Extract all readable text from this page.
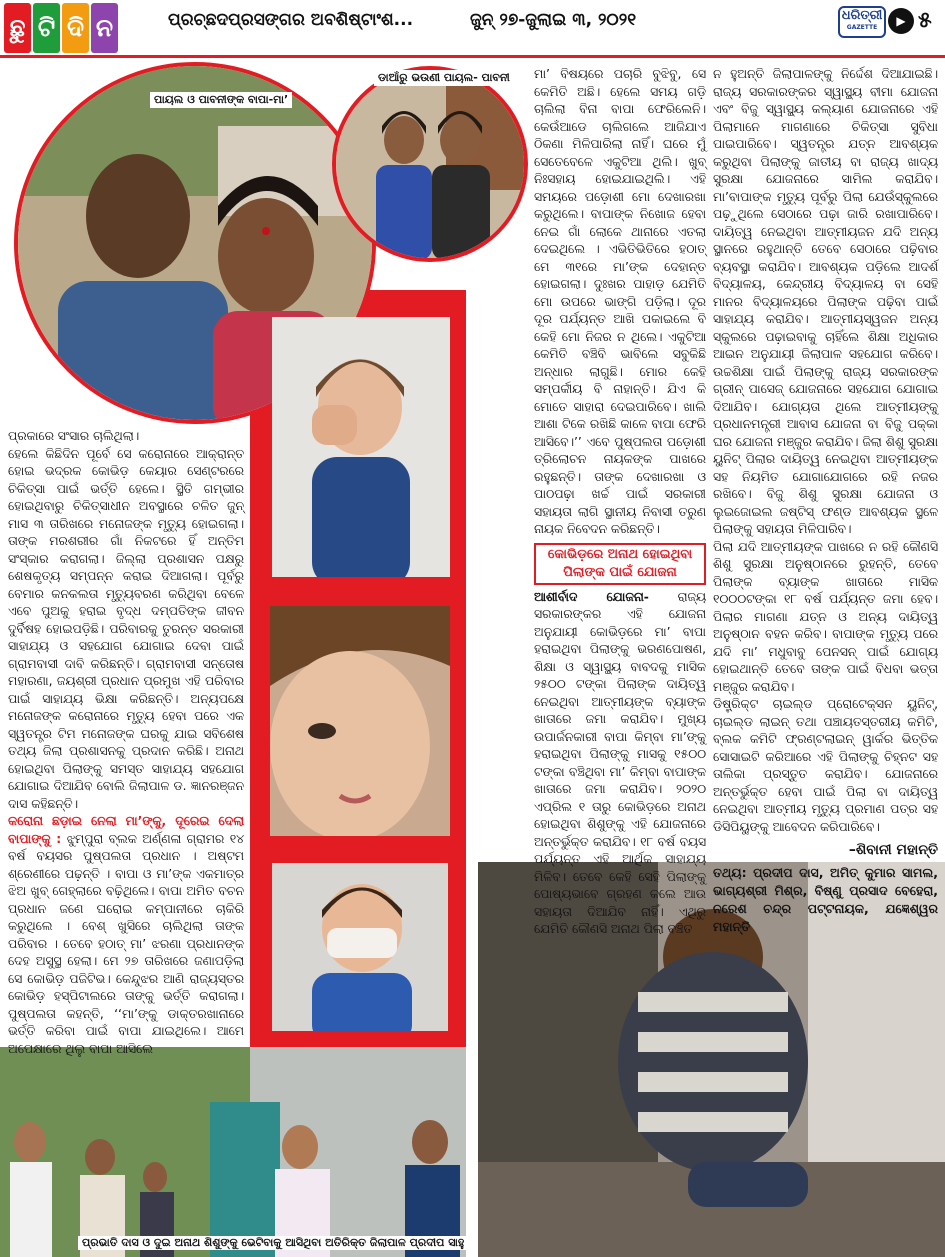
ଛୁ ଟି ଦି ନ	ପ୍ରଚ୍ଛଦପ୍ରସଙ୍ଗର ଅବଶିଷ୍ଟାଂଶ...	ଜୁନ୍ ୨୭-ଜୁଲାଇ ୩, ୨୦୨୧	ଧରିତ୍ରୀ
GAZETTE	▶ ୫
ପାୟଲ ଓ ପାବନୀଙ୍କ ବାପା-ମା’
ଡାଆଁରୁ ଭଉଣୀ ପାୟଲ- ପାବନୀ
ପ୍ରଭାତି ଦାସ ଓ ଦୁଇ ଅନାଥ ଶିଶୁଙ୍କୁ ଭେଟିବାକୁ ଆସିଥିବା ଅତିରିକ୍ତ ଜିଲାପାଳ ପ୍ରଦୀପ ସାହୁ

ପ୍ରକାରେ ସଂସାର ଚାଲିଥିଲା।

ହେଲେ କିଛିଦିନ ପୂର୍ବେ ସେ କରୋନାରେ ଆକ୍ରାନ୍ତ ହୋଇ ଭଦ୍ରକ କୋଭିଡ଼ କେୟାର ସେଣ୍ଟରରେ ଚିକିତ୍ସା ପାଇଁ ଭର୍ତ୍ତି ହେଲେ। ସ୍ଥିତି ଗମ୍ଭୀର ହୋଇଥିବାରୁ ଚିକିତ୍ସାଧୀନ ଅବସ୍ଥାରେ ଚଳିତ ଜୁନ୍ ମାସ ୩ ତାରିଖରେ ମନୋଜଙ୍କ ମୃତ୍ୟୁ ହୋଇଗଲା। ତାଙ୍କ ମରଶରୀର ଗାଁ ନିକଟରେ ହିଁ ଅନ୍ତିମ ସଂସ୍କାର କରାଗଲା। ଜିଲ୍ଲା ପ୍ରଶାସନ ପକ୍ଷରୁ ଶେଷକୃତ୍ୟ ସମ୍ପନ୍ନ କରାଇ ଦିଆଗଲା। ପୂର୍ବରୁ ବେମାର କନକଲତା ମୃତ୍ୟୁବରଣ କରିଥିବା ବେଳେ ଏବେ ପୁଅକୁ ହରାଇ ବୃଦ୍ଧ ଦମ୍ପତିଙ୍କ ଜୀବନ ଦୁର୍ବିଷହ ହୋଇପଡ଼ିଛି। ପରିବାରକୁ ତୁରନ୍ତ ସରକାରୀ ସାହାଯ୍ୟ ଓ ସହଯୋଗ ଯୋଗାଇ ଦେବା ପାଇଁ ଗ୍ରାମବାସୀ ଦାବି କରିଛନ୍ତି। ଗ୍ରାମବାସୀ ସନ୍ତୋଷ ମହାରଣା, ଜୟଶ୍ରୀ ପ୍ରଧାନ ପ୍ରମୁଖ ଏହି ପରିବାର ପାଇଁ ସାହାଯ୍ୟ ଭିକ୍ଷା କରିଛନ୍ତି। ଅନ୍ୟପକ୍ଷେ ମନୋଜଙ୍କ କରୋନାରେ ମୃତ୍ୟୁ ହେବା ପରେ ଏକ ସ୍ୱତନ୍ତ୍ର ଟିମ ମନୋଜଙ୍କ ଘରକୁ ଯାଇ ସବିଶେଷ ତଥ୍ୟ ଜିଲା ପ୍ରଶାସନକୁ ପ୍ରଦାନ କରିଛି। ଅନାଥ ହୋଇଥିବା ପିଲାଙ୍କୁ ସମସ୍ତ ସାହାଯ୍ୟ ସହଯୋଗ ଯୋଗାଇ ଦିଆଯିବ ବୋଲି ଜିଲାପାଳ ଡ. ଜ୍ଞାନରଞ୍ଜନ ଦାସ କହିଛନ୍ତି।

କରୋନା ଛଡ଼ାଇ ନେଲା ମା’ଙ୍କୁ, ଦୂରେଇ ଦେଲା ବାପାଙ୍କୁ : ଝୁମ୍ପୁରା ବ୍ଲକ ଅର୍ଣ୍ଣଳା ଗ୍ରାମର ୧୪ ବର୍ଷ ବୟସର ପୁଷ୍ପଲତା ପ୍ରଧାନ । ଅଷ୍ଟମ ଶ୍ରେଣୀରେ ପଢ଼ନ୍ତି । ବାପା ଓ ମା’ଙ୍କ ଏକମାତ୍ର ଝିଅ ଖୁବ୍ ଗେହ୍ଲାରେ ବଢ଼ିଥିଲେ। ବାପା ଅମିତ ବଚନ ପ୍ରଧାନ ଜଣେ ଘରୋଇ କମ୍ପାନୀରେ ଚାକିରି କରୁଥିଲେ । ବେଶ୍ ଖୁସିରେ ଚାଲିଥିଲା ତାଙ୍କ ପରିବାର । ତେବେ ହଠାତ୍ ମା’ ଝରଣା ପ୍ରଧାନଙ୍କ ଦେହ ଅସୁସ୍ଥ ହେଲା। ମେ ୨୭ ତାରିଖରେ ଜଣାପଡ଼ିଲା ସେ କୋଭିଡ଼ ପଜିଟିଭ। କେନ୍ଦୁଝର ଆଣି ରାଜ୍ୟସ୍ତର କୋଭିଡ଼ ହସ୍ପିଟାଲରେ ତାଙ୍କୁ ଭର୍ତ୍ତି କରାଗଲା। ପୁଷ୍ପଲତା କହନ୍ତି, ‘‘ମା’ଙ୍କୁ ଡାକ୍ତରଖାନାରେ ଭର୍ତ୍ତି କରିବା ପାଇଁ ବାପା ଯାଇଥିଲେ। ଆମେ ଅପେକ୍ଷାରେ ଥିଲୁ ବାପା ଆସିଲେ

ମା’ ବିଷୟରେ ପଚାରି ବୁଝିବୁ, ସେ କେମିତି ଅଛି। ହେଲେ ସମୟ ଗଡ଼ି ଚାଲିଲା ବିନା ବାପା ଫେରିଲେନି। କେଉଁଆଡେ ଚାଲିଗଲେ ଆଜିଯାଏ ଠିକଣା ମିଳିପାରିଲା ନାହିଁ। ଘରେ ମୁଁ ସେତେବେଳେ ଏକୁଟିଆ ଥିଲି। ଖୁବ୍ ନିଃସହାୟ ହୋଇଯାଇଥିଲି। ଏହି ସମୟରେ ପଡ଼ୋଶୀ ମୋ ଦେଖାରଖା କରୁଥିଲେ। ବାପାଙ୍କ ନିଖୋଜ ହେବା ନେଇ ଗାଁ ଲୋକେ ଥାନାରେ ଏତଲା ଦେଇଥିଲେ । ଏଭିତିଭିତିରେ ହଠାତ୍ ମେ ୩୧ରେ ମା’ଙ୍କ ଦେହାନ୍ତ ହୋଇଗଲା। ଦୁଃଖର ପାହାଡ଼ ଯେମିତି ମୋ ଉପରେ ଭାଙ୍ଗି ପଡ଼ିଲା। ଦୂର ଦୂର ପର୍ଯ୍ୟନ୍ତ ଆଖି ପକାଇଲେ ବି କେହି ମୋ ନିଜର ନ ଥିଲେ। ଏକୁଟିଆ କେମିତି ବଞ୍ଚିବି ଭାବିଲେ ସବୁକିଛି ଅନ୍ଧାର ଲାଗୁଛି। ମୋର କେହି ସମ୍ପର୍କୀୟ ବି ନାହାନ୍ତି। ଯିଏ କି ମୋତେ ସାହାରା ଦେଇପାରିବେ। ଖାଲି ଆଶା ଟିକେ ରଖିଛି କାଳେ ବାପା ଫେରି ଆସିବେ।’’ ଏବେ ପୁଷ୍ପଲତା ପଡ଼ୋଶୀ ତ୍ରିଲୋଚନ ନାୟକଙ୍କ ପାଖରେ ରହୁଛନ୍ତି। ତାଙ୍କ ଦେଖାରଖା ଓ ପାଠପଢ଼ା ଖର୍ଚ୍ଚ ପାଇଁ ସରକାରୀ ସହାୟତା ଲାଗି ସ୍ଥାନୀୟ ନିବାସୀ ତରୁଣ ନାୟକ ନିବେଦନ କରିଛନ୍ତି।

କୋଭିଡ଼ରେ ଅନାଥ ହୋଇଥିବା ପିଲାଙ୍କ ପାଇଁ ଯୋଜନା

ଆଶୀର୍ବାଦ ଯୋଜନା- ରାଜ୍ୟ ସରକାରଙ୍କର ଏହି ଯୋଜନା ଅନୁଯାୟୀ କୋଭିଡ଼ରେ ମା’ ବାପା ହରାଇଥିବା ପିଲାଙ୍କୁ ଭରଣପୋଷଣ, ଶିକ୍ଷା ଓ ସ୍ୱାସ୍ଥ୍ୟ ବାବଦକୁ ମାସିକ ୨୫୦୦ ଟଙ୍କା ପିଲାଙ୍କ ଦାୟିତ୍ୱ ନେଇଥିବା ଆତ୍ମୀୟଙ୍କ ବ୍ୟାଙ୍କ ଖାତାରେ ଜମା କରାଯିବ। ମୁଖ୍ୟ ଉପାର୍ଜନକାରୀ ବାପା କିମ୍ବା ମା’ଙ୍କୁ ହରାଇଥିବା ପିଲାଙ୍କୁ ମାସକୁ ୧୫୦୦ ଟଙ୍କା ବଞ୍ଚିଥିବା ମା’ କିମ୍ବା ବାପାଙ୍କ ଖାତାରେ ଜମା କରାଯିବ। ୨୦୨୦ ଏପ୍ରିଲ ୧ ତାରୁ କୋଭିଡ଼ରେ ଅନାଥ ହୋଇଥିବା ଶିଶୁଙ୍କୁ ଏହି ଯୋଜନାରେ ଅନ୍ତର୍ଭୁକ୍ତ କରାଯିବ। ୧୮ ବର୍ଷ ବୟସ ପର୍ଯ୍ୟନ୍ତ ଏହି ଆର୍ଥିକ ସାହାଯ୍ୟ ମିଳିବ। ତେବେ କେହି ସେହି ପିଲାଙ୍କୁ ପୋଷ୍ୟଭାବେ ଗ୍ରହଣ କଲେ ଆଉ ସହାୟତା ଦିଆଯିବ ନାହିଁ। ଏଥିରୁ ଯେମିତି କୌଣସି ଅନାଥ ପିଲା ବଞ୍ଚିତ

ନ ହୁଅନ୍ତି ଜିଲାପାଳଙ୍କୁ ନିର୍ଦ୍ଦେଶ ଦିଆଯାଇଛି। ରାଜ୍ୟ ସରକାରଙ୍କର ସ୍ୱାସ୍ଥ୍ୟ ବୀମା ଯୋଜନା ଏବଂ ବିଜୁ ସ୍ୱାସ୍ଥ୍ୟ କଲ୍ୟାଣ ଯୋଜନାରେ ଏହି ପିଲାମାନେ ମାଗଣାରେ ଚିକିତ୍ସା ସୁବିଧା ପାଇପାରିବେ। ସ୍ୱତନ୍ତ୍ର ଯତ୍ନ ଆବଶ୍ୟକ କରୁଥିବା ପିଲାଙ୍କୁ ଜାତୀୟ ବା ରାଜ୍ୟ ଖାଦ୍ୟ ସୁରକ୍ଷା ଯୋଜନାରେ ସାମିଲ କରାଯିବ। ମା’ବାପାଙ୍କ ମୃତ୍ୟୁ ପୂର୍ବରୁ ପିଲା ଯେଉଁସ୍କୁଲରେ ପଢ଼ୁଥିଲେ ସେଠାରେ ପଢ଼ା ଜାରି ରଖାପାରିବେ। ଦାୟିତ୍ୱ ନେଇଥିବା ଆତ୍ମୀୟଜନ ଯଦି ଅନ୍ୟ ସ୍ଥାନରେ ରହୁଥାନ୍ତି ତେବେ ସେଠାରେ ପଢ଼ିବାର ବ୍ୟବସ୍ଥା କରାଯିବ। ଆବଶ୍ୟକ ପଡ଼ିଲେ ଆଦର୍ଶ ବିଦ୍ୟାଳୟ, କେନ୍ଦ୍ରୀୟ ବିଦ୍ୟାଳୟ ବା ସେହି ମାନର ବିଦ୍ୟାଳୟରେ ପିଲାଙ୍କ ପଢ଼ିବା ପାଇଁ ସାହାଯ୍ୟ କରାଯିବ। ଆତ୍ମୀୟସ୍ୱଜନ ଅନ୍ୟ ସ୍କୁଲରେ ପଢ଼ାଇବାକୁ ଚାହିଁଲେ ଶିକ୍ଷା ଅଧିକାର ଆଇନ ଅନୁଯାୟୀ ଜିଲାପାଳ ସହଯୋଗ କରିବେ। ଉଚ୍ଚଶିକ୍ଷା ପାଇଁ ପିଲାଙ୍କୁ ରାଜ୍ୟ ସରକାରଙ୍କ ଗ୍ରୀନ୍ ପାସେଜ୍ ଯୋଜନାରେ ସହଯୋଗ ଯୋଗାଇ ଦିଆଯିବ। ଯୋଗ୍ୟତା ଥିଲେ ଆତ୍ମୀୟଙ୍କୁ ପ୍ରଧାନମନ୍ତ୍ରୀ ଆବାସ ଯୋଜନା ବା ବିଜୁ ପକ୍କା ଘର ଯୋଜନା ମଞ୍ଜୁର କରାଯିବ। ଜିଲା ଶିଶୁ ସୁରକ୍ଷା ୟୁନିଟ୍ ପିଲାର ଦାୟିତ୍ୱ ନେଇଥିବା ଆତ୍ମୀୟଙ୍କ ସହ ନିୟମିତ ଯୋଗାଯୋଗରେ ରହି ନଜର ରଖିବେ। ବିଜୁ ଶିଶୁ ସୁରକ୍ଷା ଯୋଜନା ଓ ଲୁଇଜୋଇଲ ଜଷ୍ଟିସ୍ ଫଣ୍ଡ ଆବଶ୍ୟକ ସ୍ଥଳେ ପିଲାଙ୍କୁ ସହାୟତା ମିଳିପାରିବ।

ପିଲା ଯଦି ଆତ୍ମୀୟଙ୍କ ପାଖରେ ନ ରହି କୌଣସି ଶିଶୁ ସୁରକ୍ଷା ଅନୁଷ୍ଠାନରେ ରୁହନ୍ତି, ତେବେ ପିଲାଙ୍କ ବ୍ୟାଙ୍କ ଖାତାରେ ମାସିକ ୧୦୦୦ଟଙ୍କା ୧୮ ବର୍ଷ ପର୍ଯ୍ୟନ୍ତ ଜମା ହେବ। ପିଲାର ମାଗଣା ଯତ୍ନ ଓ ଅନ୍ୟ ଦାୟିତ୍ୱ ଅନୁଷ୍ଠାନ ବହନ କରିବ। ବାପାଙ୍କ ମୃତ୍ୟୁ ପରେ ଯଦି ମା’ ମଧୁବାବୁ ପେନସନ୍ ପାଇଁ ଯୋଗ୍ୟ ହୋଇଥାନ୍ତି ତେବେ ତାଙ୍କ ପାଇଁ ବିଧବା ଭତ୍ତା ମଞ୍ଜୁର କରାଯିବ।

ଡିଷ୍ଟ୍ରିକ୍ଟ ଚାଇଲ୍ଡ ପ୍ରୋଟେକ୍ସନ ୟୁନିଟ୍, ଚାଇଲ୍ଡ ଲାଇନ୍ ତଥା ପଞ୍ଚାୟତସ୍ତରୀୟ କମିଟି, ବ୍ଲକ କମିଟି ଫ୍ରଣ୍ଟଲାଇନ୍ ୱାର୍କର ଭିତ୍ତିକ ସୋସାଇଟି କରିଆରେ ଏହି ପିଲାଙ୍କୁ ଚିହ୍ନଟ ସହ ତାଲିକା ପ୍ରସ୍ତୁତ କରାଯିବ। ଯୋଜନାରେ ଅନ୍ତର୍ଭୁକ୍ତ ହେବା ପାଇଁ ପିଲା ବା ଦାୟିତ୍ୱ ନେଇଥିବା ଆତ୍ମୀୟ ମୃତ୍ୟୁ ପ୍ରମାଣ ପତ୍ର ସହ ଡିସିପିୟୁଙ୍କୁ ଆବେଦନ କରିପାରିବେ।

–ଶିବାନୀ ମହାନ୍ତି
ତଥ୍ୟ: ପ୍ରଦୀପ ଦାସ, ଅମିତ୍ କୁମାର ସାମଲ, ଭାଗ୍ୟଶ୍ରୀ ମିଶ୍ର, ବିଷ୍ଣୁ ପ୍ରସାଦ ବେହେରା, ନରେଶ ଚନ୍ଦ୍ର ପଟ୍ଟନାୟକ, ଯଜ୍ଞେଶ୍ୱର ମହାନ୍ତି
